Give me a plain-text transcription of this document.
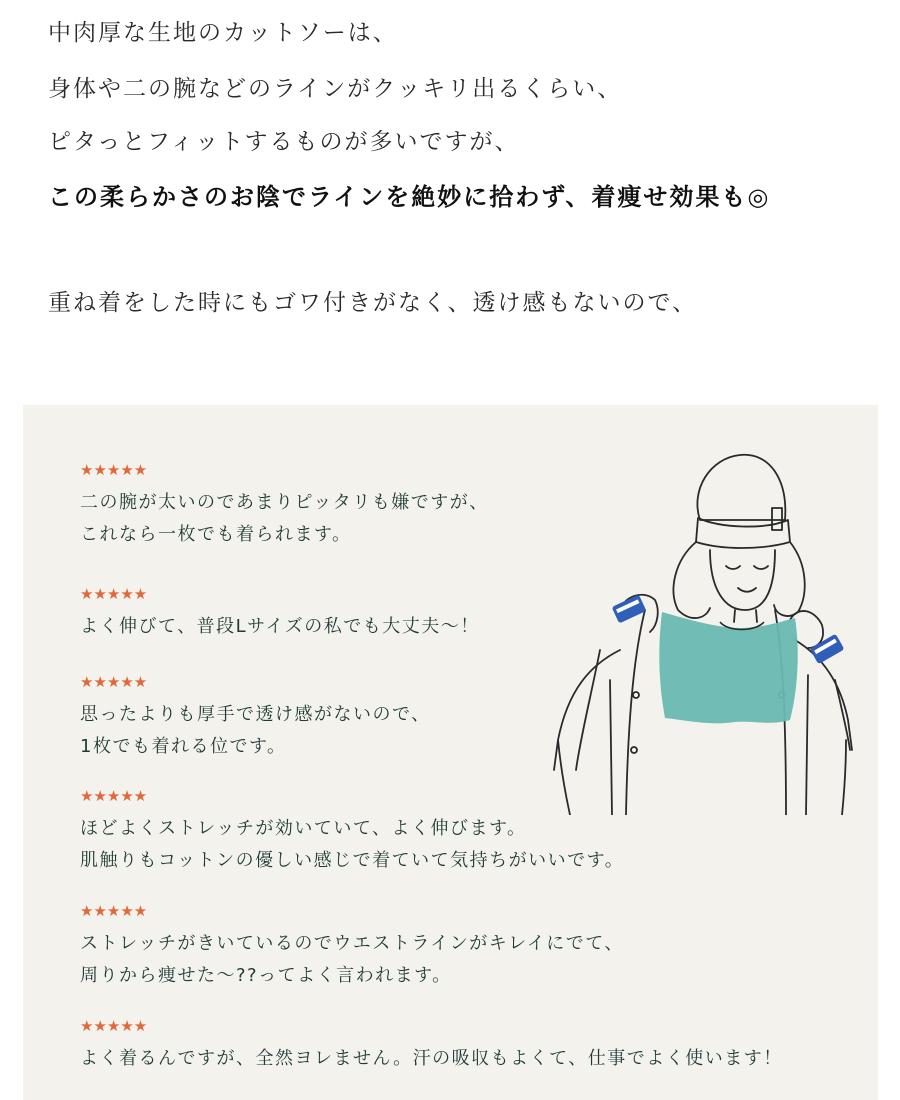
中肉厚な生地のカットソーは、
身体や二の腕などのラインがクッキリ出るくらい、
ピタっとフィットするものが多いですが、
この柔らかさのお陰でラインを絶妙に拾わず、着痩せ効果も◎
重ね着をした時にもゴワ付きがなく、透け感もないので、
★★★★★
二の腕が太いのであまりピッタリも嫌ですが、
これなら一枚でも着られます。
★★★★★
よく伸びて、普段Lサイズの私でも大丈夫～！
★★★★★
思ったよりも厚手で透け感がないので、
1枚でも着れる位です。
★★★★★
ほどよくストレッチが効いていて、よく伸びます。
肌触りもコットンの優しい感じで着ていて気持ちがいいです。
★★★★★
ストレッチがきいているのでウエストラインがキレイにでて、
周りから痩せた～??ってよく言われます。
★★★★★
よく着るんですが、全然ヨレません。汗の吸収もよくて、仕事でよく使います！
